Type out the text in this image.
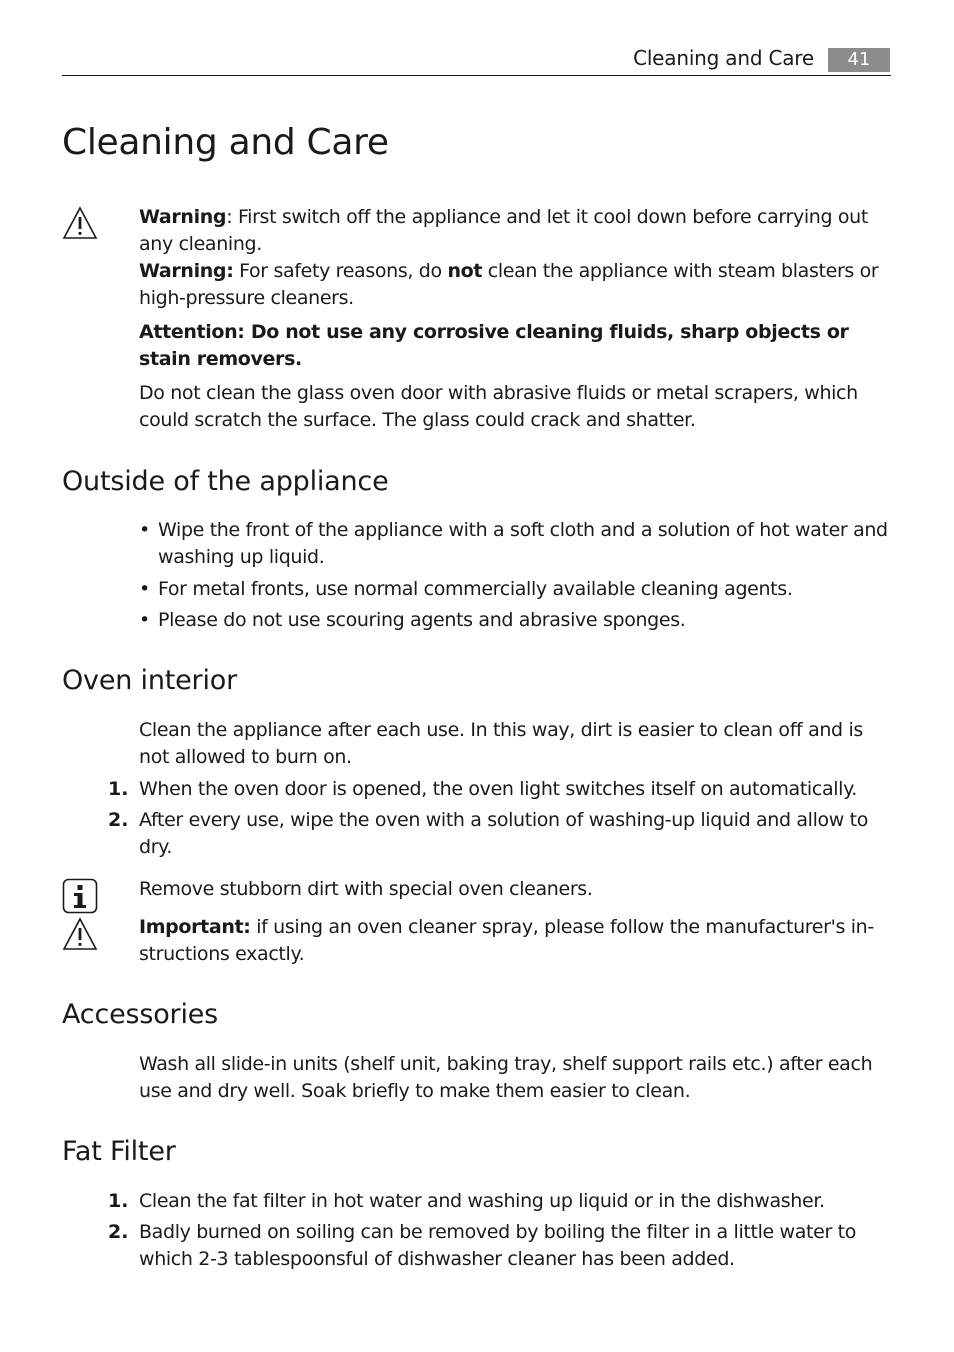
Cleaning and Care	41
Cleaning and Care

Warning: First switch off the appliance and let it cool down before carrying out any cleaning.

Warning: For safety reasons, do not clean the appliance with steam blasters or high-pressure cleaners.

Attention: Do not use any corrosive cleaning fluids, sharp objects or stain removers.

Do not clean the glass oven door with abrasive fluids or metal scrapers, which could scratch the surface. The glass could crack and shatter.

Outside of the appliance
• Wipe the front of the appliance with a soft cloth and a solution of hot water and washing up liquid.
• For metal fronts, use normal commercially available cleaning agents.
• Please do not use scouring agents and abrasive sponges.
Oven interior

Clean the appliance after each use. In this way, dirt is easier to clean off and is not allowed to burn on.

1. When the oven door is opened, the oven light switches itself on automatically.

2. After every use, wipe the oven with a solution of washing-up liquid and allow to dry.

Remove stubborn dirt with special oven cleaners.

Important: if using an oven cleaner spray, please follow the manufacturer's in-structions exactly.

Accessories

Wash all slide-in units (shelf unit, baking tray, shelf support rails etc.) after each use and dry well. Soak briefly to make them easier to clean.

Fat Filter
1. Clean the fat filter in hot water and washing up liquid or in the dishwasher.

2. Badly burned on soiling can be removed by boiling the filter in a little water to which 2-3 tablespoonsful of dishwasher cleaner has been added.
